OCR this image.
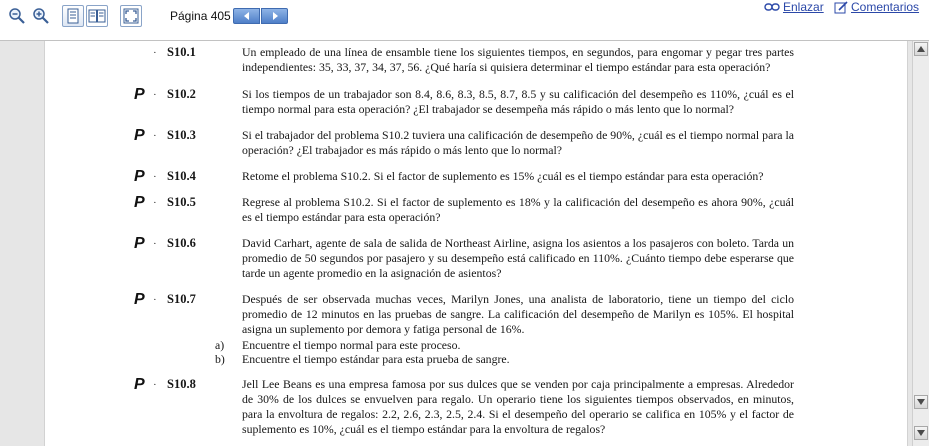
Página 405
Enlazar Comentarios
· S10.1	Un empleado de una línea de ensamble tiene los siguientes tiempos, en segundos, para engomar y pegar tres partes independientes: 35, 33, 37, 34, 37, 56. ¿Qué haría si quisiera determinar el tiempo estándar para esta operación?
P · S10.2	Si los tiempos de un trabajador son 8.4, 8.6, 8.3, 8.5, 8.7, 8.5 y su calificación del desempeño es 110%, ¿cuál es el tiempo normal para esta operación? ¿El trabajador se desempeña más rápido o más lento que lo normal?
P · S10.3	Si el trabajador del problema S10.2 tuviera una calificación de desempeño de 90%, ¿cuál es el tiempo normal para la operación? ¿El trabajador es más rápido o más lento que lo normal?
P · S10.4	Retome el problema S10.2. Si el factor de suplemento es 15% ¿cuál es el tiempo estándar para esta operación?
P · S10.5	Regrese al problema S10.2. Si el factor de suplemento es 18% y la calificación del desempeño es ahora 90%, ¿cuál es el tiempo estándar para esta operación?
P · S10.6	David Carhart, agente de sala de salida de Northeast Airline, asigna los asientos a los pasajeros con boleto. Tarda un promedio de 50 segundos por pasajero y su desempeño está calificado en 110%. ¿Cuánto tiempo debe esperarse que tarde un agente promedio en la asignación de asientos?
P · S10.7	Después de ser observada muchas veces, Marilyn Jones, una analista de laboratorio, tiene un tiempo del ciclo promedio de 12 minutos en las pruebas de sangre. La calificación del desempeño de Marilyn es 105%. El hospital asigna un suplemento por demora y fatiga personal de 16%.
a) Encuentre el tiempo normal para este proceso.
b) Encuentre el tiempo estándar para esta prueba de sangre.
P · S10.8	Jell Lee Beans es una empresa famosa por sus dulces que se venden por caja principalmente a empresas. Alrededor de 30% de los dulces se envuelven para regalo. Un operario tiene los siguientes tiempos observados, en minutos, para la envoltura de regalos: 2.2, 2.6, 2.3, 2.5, 2.4. Si el desempeño del operario se califica en 105% y el factor de suplemento es 10%, ¿cuál es el tiempo estándar para la envoltura de regalos?
